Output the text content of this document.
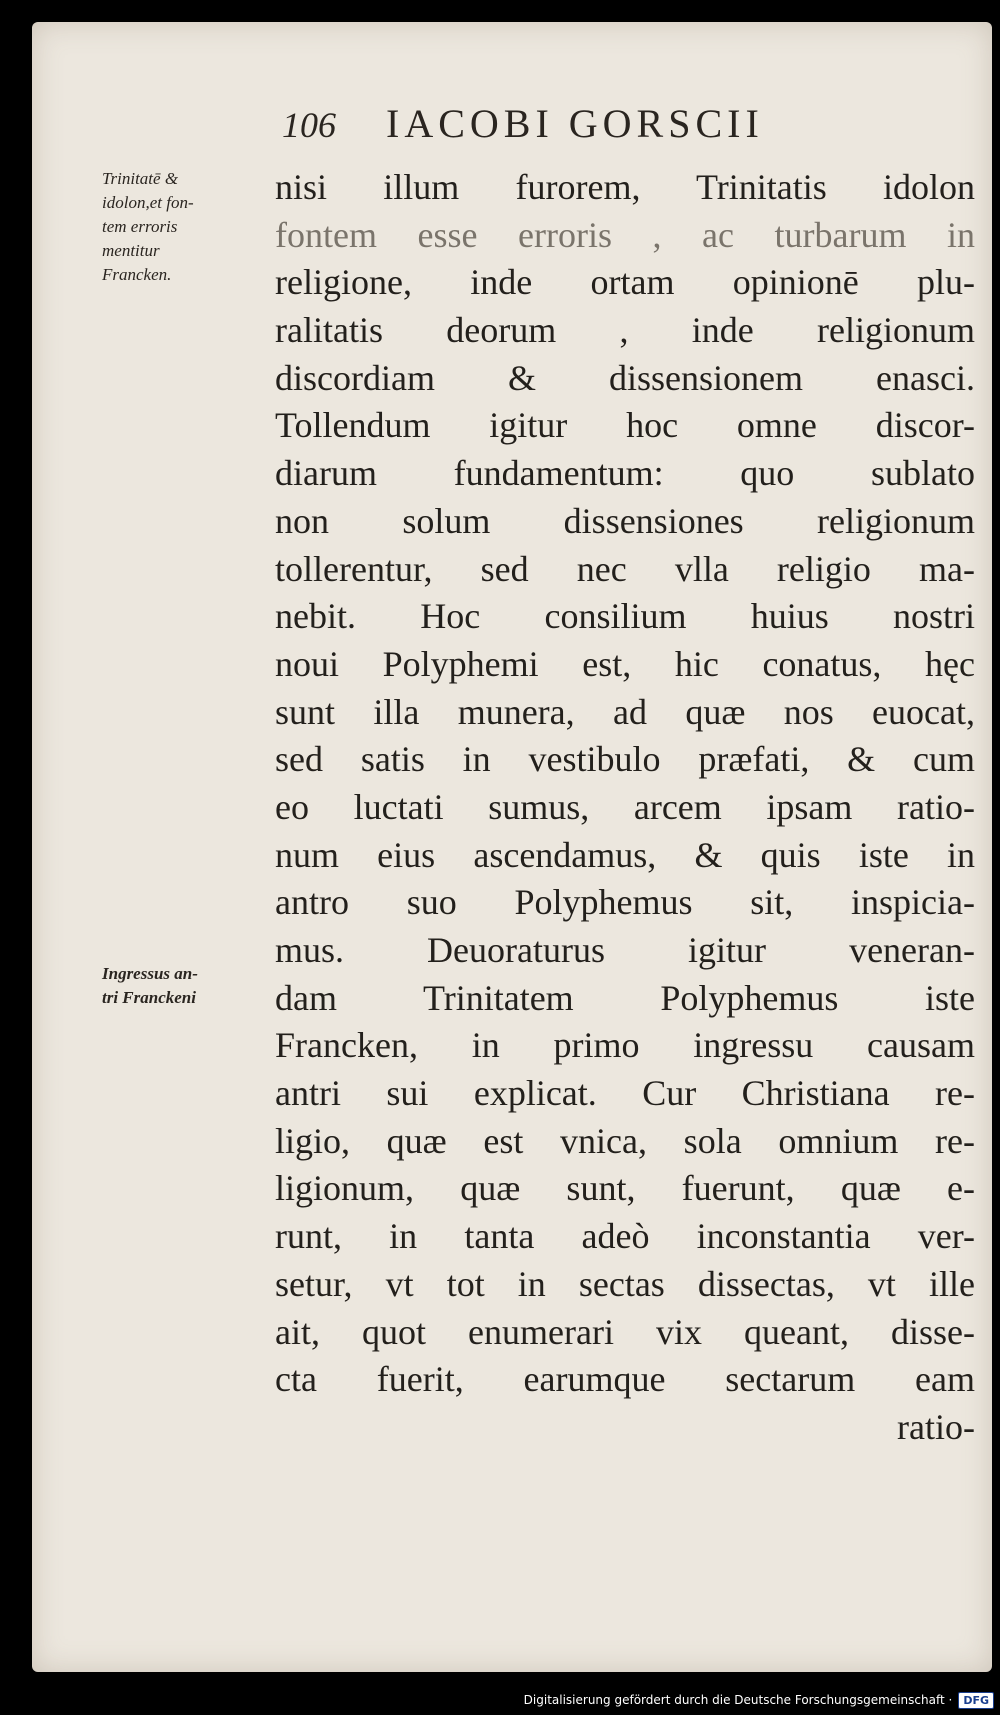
106 IACOBI GORSCII
Trinitatē &
idolon,et fon-
tem erroris
mentitur
Francken.
Ingressus an-
tri Franckeni
nisi illum furorem, Trinitatis idolon
fontem esse erroris , ac turbarum in
religione, inde ortam opinionē plu-
ralitatis deorum , inde religionum
discordiam & dissensionem enasci.
Tollendum igitur hoc omne discor-
diarum fundamentum: quo sublato
non solum dissensiones religionum
tollerentur, sed nec vlla religio ma-
nebit. Hoc consilium huius nostri
noui Polyphemi est, hic conatus, hęc
sunt illa munera, ad quæ nos euocat,
sed satis in vestibulo præfati, & cum
eo luctati sumus, arcem ipsam ratio-
num eius ascendamus, & quis iste in
antro suo Polyphemus sit, inspicia-
mus. Deuoraturus igitur veneran-
dam Trinitatem Polyphemus iste
Francken, in primo ingressu causam
antri sui explicat. Cur Christiana re-
ligio, quæ est vnica, sola omnium re-
ligionum, quæ sunt, fuerunt, quæ e-
runt, in tanta adeò inconstantia ver-
setur, vt tot in sectas dissectas, vt ille
ait, quot enumerari vix queant, disse-
cta fuerit, earumque sectarum eam
ratio-
Digitalisierung gefördert durch die Deutsche Forschungsgemeinschaft ·	DFG
